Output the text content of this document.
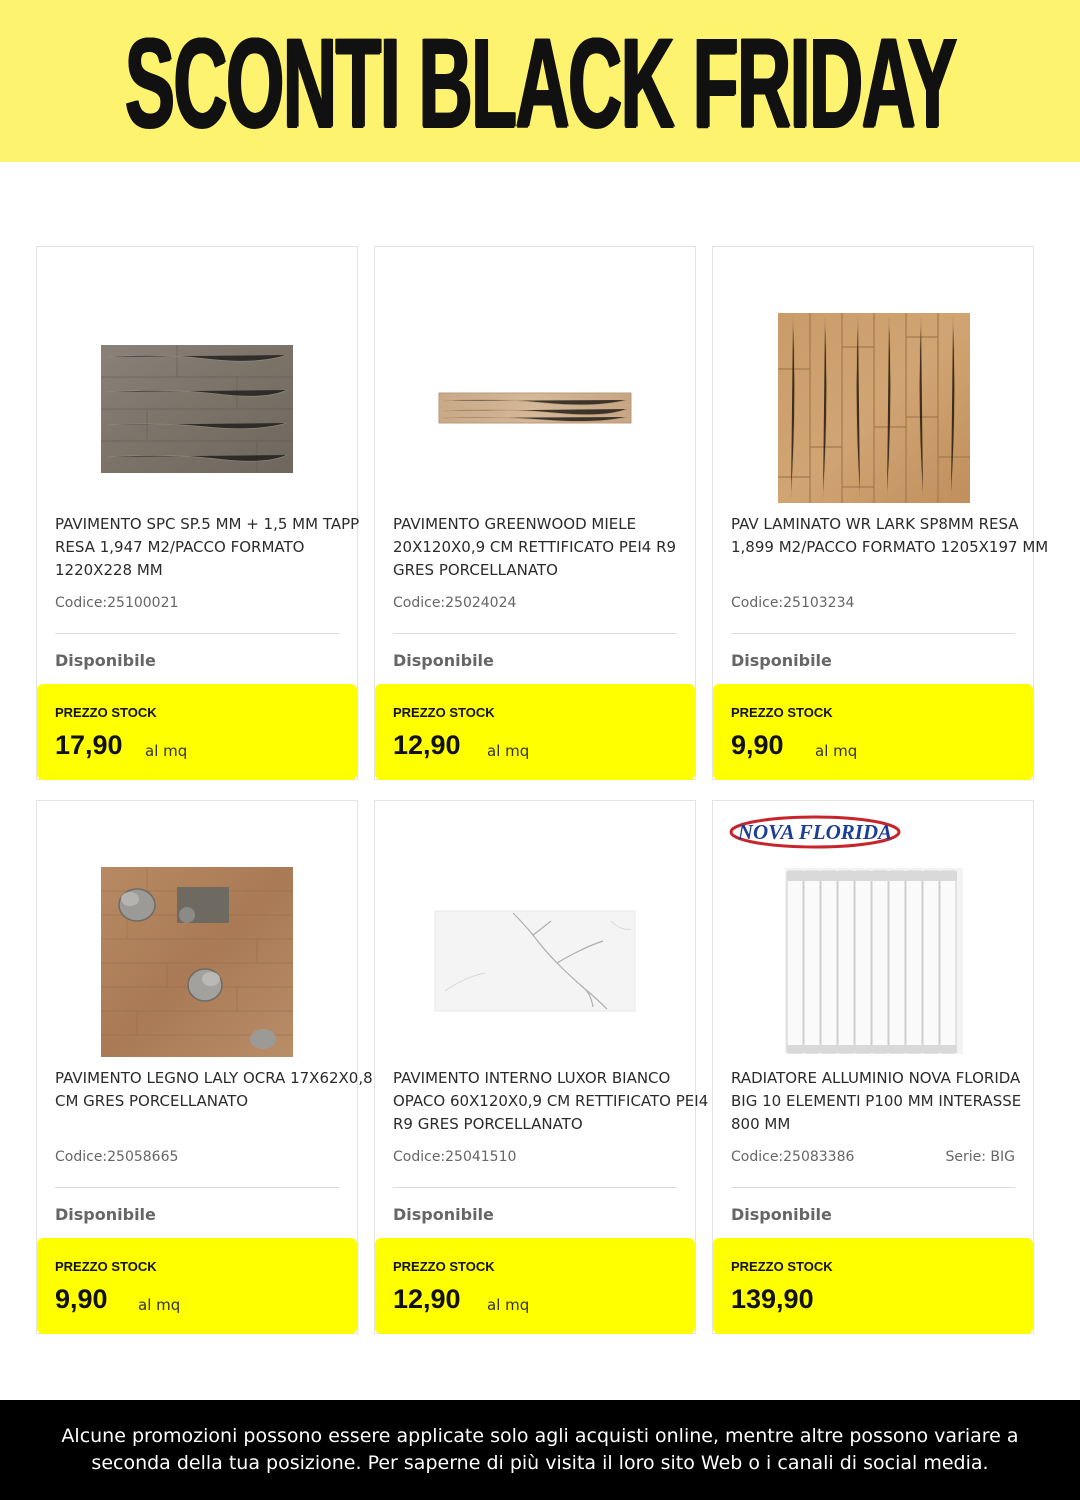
SCONTI BLACK FRIDAY
PAVIMENTO SPC SP.5 MM + 1,5 MM TAPP RESA 1,947 M2/PACCO FORMATO 1220X228 MM
Codice:25100021
Disponibile
PREZZO STOCK
17,90 al mq
PAVIMENTO GREENWOOD MIELE 20X120X0,9 CM RETTIFICATO PEI4 R9 GRES PORCELLANATO
Codice:25024024
Disponibile
PREZZO STOCK
12,90 al mq
PAV LAMINATO WR LARK SP8MM RESA 1,899 M2/PACCO FORMATO 1205X197 MM
Codice:25103234
Disponibile
PREZZO STOCK
9,90 al mq
PAVIMENTO LEGNO LALY OCRA 17X62X0,8 CM GRES PORCELLANATO
Codice:25058665
Disponibile
PREZZO STOCK
9,90 al mq
PAVIMENTO INTERNO LUXOR BIANCO OPACO 60X120X0,9 CM RETTIFICATO PEI4 R9 GRES PORCELLANATO
Codice:25041510
Disponibile
PREZZO STOCK
12,90 al mq
NOVA FLORIDA
RADIATORE ALLUMINIO NOVA FLORIDA BIG 10 ELEMENTI P100 MM INTERASSE 800 MM
Codice:25083386	Serie: BIG
Disponibile
PREZZO STOCK
139,90

Alcune promozioni possono essere applicate solo agli acquisti online, mentre altre possono variare a seconda della tua posizione. Per saperne di più visita il loro sito Web o i canali di social media.
